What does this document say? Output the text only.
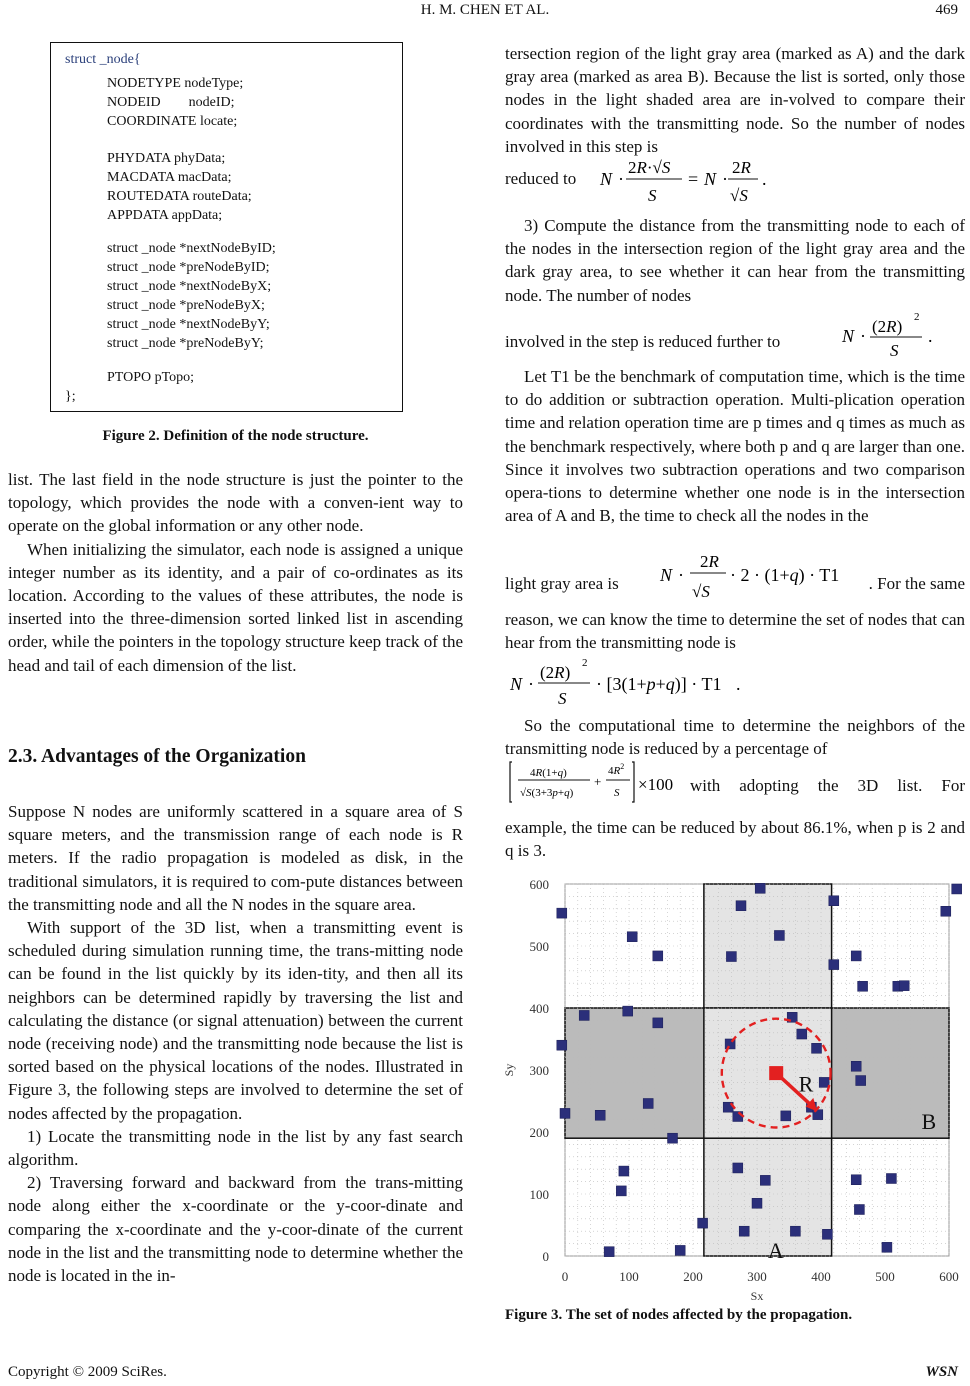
H. M. CHEN ET AL.	469
struct _node{
NODETYPE nodeType;
NODEID        nodeID;
COORDINATE locate;
PHYDATA phyData;
MACDATA macData;
ROUTEDATA routeData;
APPDATA appData;
struct _node *nextNodeByID;
struct _node *preNodeByID;
struct _node *nextNodeByX;
struct _node *preNodeByX;
struct _node *nextNodeByY;
struct _node *preNodeByY;
PTOPO pTopo;
};
Figure 2. Definition of the node structure.

list. The last field in the node structure is just the pointer to the topology, which provides the node with a conven-ient way to operate on the global information or any other node.

When initializing the simulator, each node is assigned a unique integer number as its identity, and a pair of co-ordinates as its location. According to the values of these attributes, the node is inserted into the three-dimension sorted linked list in ascending order, while the pointers in the topology structure keep track of the head and tail of each dimension of the list.

2.3. Advantages of the Organization

Suppose N nodes are uniformly scattered in a square area of S square meters, and the transmission range of each node is R meters. If the radio propagation is modeled as disk, in the traditional simulators, it is required to com-pute distances between the transmitting node and all the N nodes in the square area.

With support of the 3D list, when a transmitting event is scheduled during simulation running time, the trans-mitting node can be found in the list quickly by its iden-tity, and then all its neighbors can be determined rapidly by traversing the list and calculating the distance (or signal attenuation) between the current node (receiving node) and the transmitting node because the list is sorted based on the physical locations of the nodes. Illustrated in Figure 3, the following steps are involved to determine the set of nodes affected by the propagation.

1) Locate the transmitting node in the list by any fast search algorithm.

2) Traversing forward and backward from the trans-mitting node along either the x-coordinate or the y-coor-dinate and comparing the x-coordinate and the y-coor-dinate of the current node in the list and the transmitting node to determine whether the node is located in the in-

tersection region of the light gray area (marked as A) and the dark gray area (marked as area B). Because the list is sorted, only those nodes in the light shaded area are in-volved to compare their coordinates with the transmitting node. So the number of nodes involved in this step is

reduced to	N ·
2R·√S
S
= N ·
2R
√S
.

3) Compute the distance from the transmitting node to each of the nodes in the intersection region of the light gray area and the dark gray area, to see whether it can hear from the transmitting node. The number of nodes

involved in the step is reduced further to	N · (2R) 2
S
.

Let T1 be the benchmark of computation time, which is the time to do addition or subtraction operation. Multi-plication operation time and relation operation time are p times and q times as much as the benchmark respectively, where both p and q are larger than one. Since it involves two subtraction operations and two comparison opera-tions to determine whether one node is in the intersection area of A and B, the time to check all the nodes in the

light gray area is	N ·
2R
√S
· 2 · (1+q) · T1	. For the same

reason, we can know the time to determine the set of nodes that can hear from the transmitting node is

N ·
(2R) 2
S
· [3(1+p+q)] · T1 .

So the computational time to determine the neighbors of the transmitting node is reduced by a percentage of

4R(1+q)
√S(3+3p+q)
+
$4R^2$
S ×100 with adopting the 3D list. For

example, the time can be reduced by about 86.1%, when p is 2 and q is 3.

0	100	200	300	400	500	600
0
100
200
300
400
500
600
Sx
Sy
R
A
B
Figure 3. The set of nodes affected by the propagation.
Copyright © 2009 SciRes.	WSN
